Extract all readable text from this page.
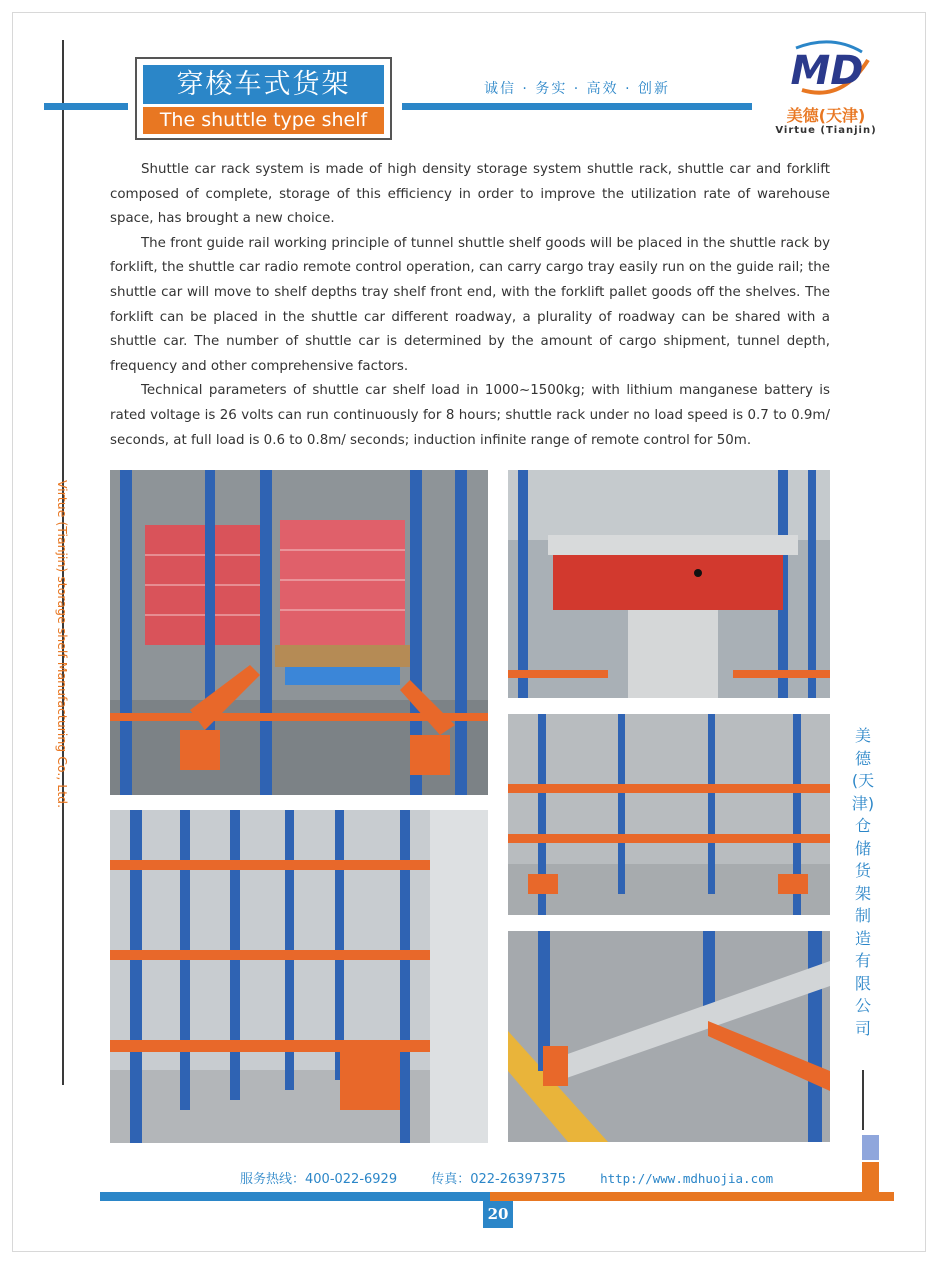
穿梭车式货架
The shuttle type shelf
诚信 · 务实 · 高效 · 创新	MD
美德(天津)
Virtue (Tianjin)

Shuttle car rack system is made of high density storage system shuttle rack, shuttle car and forklift composed of complete, storage of this efficiency in order to improve the utilization rate of warehouse space, has brought a new choice.

The front guide rail working principle of tunnel shuttle shelf goods will be placed in the shuttle rack by forklift, the shuttle car radio remote control operation, can carry cargo tray easily run on the guide rail; the shuttle car will move to shelf depths tray shelf front end, with the forklift pallet goods off the shelves. The forklift can be placed in the shuttle car different roadway, a plurality of roadway can be shared with a shuttle car. The number of shuttle car is determined by the amount of cargo shipment, tunnel depth, frequency and other comprehensive factors.

Technical parameters of shuttle car shelf load in 1000~1500kg; with lithium manganese battery is rated voltage is 26 volts can run continuously for 8 hours; shuttle rack under no load speed is 0.7 to 0.9m/ seconds, at full load is 0.6 to 0.8m/ seconds; induction infinite range of remote control for 50m.

Virtue (Tianjin) storage shelf Manufacturing Co., Ltd.	美德(天津)仓储货架制造有限公司
服务热线：400-022-6929	传真：022-26397375	http://www.mdhuojia.com
20
